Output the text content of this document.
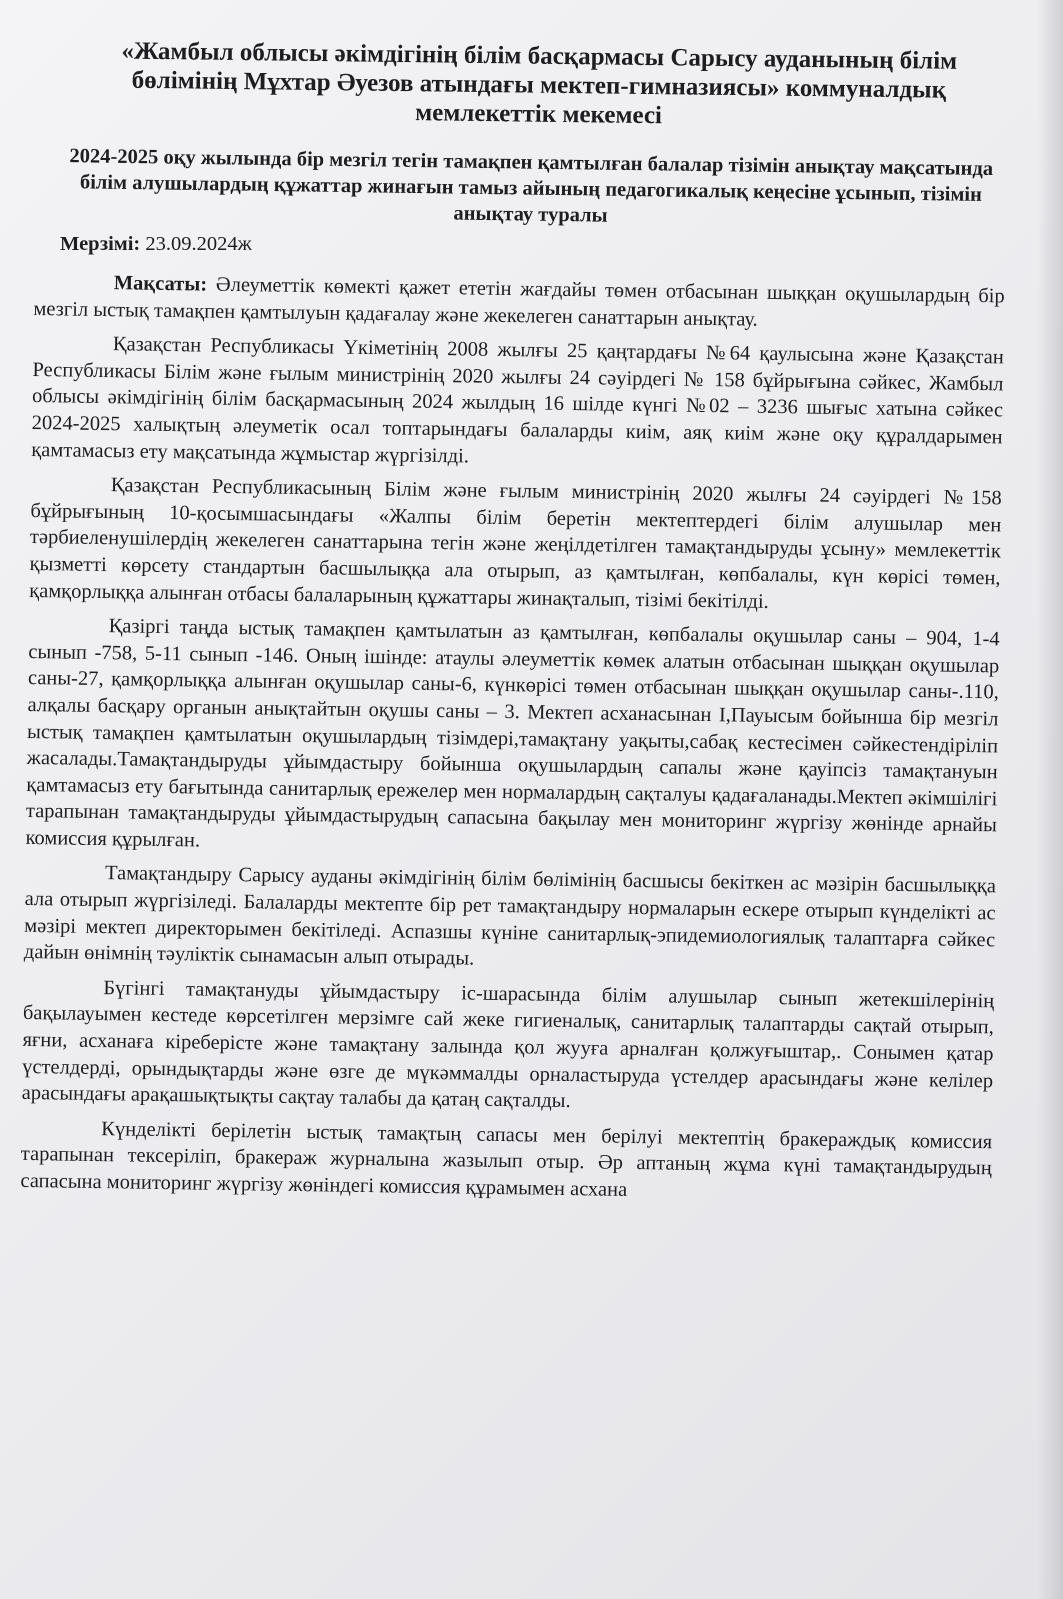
«Жамбыл облысы әкімдігінің білім басқармасы Сарысу ауданының білім бөлімінің Мұхтар Әуезов атындағы мектеп-гимназиясы» коммуналдық мемлекеттік мекемесі
2024-2025 оқу жылында бір мезгіл тегін тамақпен қамтылған балалар тізімін анықтау мақсатында білім алушылардың құжаттар жинағын тамыз айының педагогикалық кеңесіне ұсынып, тізімін анықтау туралы
Мерзімі: 23.09.2024ж

Мақсаты: Әлеуметтік көмекті қажет ететін жағдайы төмен отбасынан шыққан оқушылардың бір мезгіл ыстық тамақпен қамтылуын қадағалау және жекелеген санаттарын анықтау.

Қазақстан Республикасы Үкіметінің 2008 жылғы 25 қаңтардағы №64 қаулысына және Қазақстан Республикасы Білім және ғылым министрінің 2020 жылғы 24 сәуірдегі № 158 бұйрығына сәйкес, Жамбыл облысы әкімдігінің білім басқармасының 2024 жылдың 16 шілде күнгі №02 – 3236 шығыс хатына сәйкес 2024-2025 халықтың әлеуметік осал топтарындағы балаларды киім, аяқ киім және оқу құралдарымен қамтамасыз ету мақсатында жұмыстар жүргізілді.

Қазақстан Республикасының Білім және ғылым министрінің 2020 жылғы 24 сәуірдегі №158 бұйрығының 10-қосымшасындағы «Жалпы білім беретін мектептердегі білім алушылар мен тәрбиеленушілердің жекелеген санаттарына тегін және жеңілдетілген тамақтандыруды ұсыну» мемлекеттік қызметті көрсету стандартын басшылыққа ала отырып, аз қамтылған, көпбалалы, күн көрісі төмен, қамқорлыққа алынған отбасы балаларының құжаттары жинақталып, тізімі бекітілді.

Қазіргі таңда ыстық тамақпен қамтылатын аз қамтылған, көпбалалы оқушылар саны – 904, 1-4 сынып -758, 5-11 сынып -146. Оның ішінде: атаулы әлеуметтік көмек алатын отбасынан шыққан оқушылар саны-27, қамқорлыққа алынған оқушылар саны-6, күнкөрісі төмен отбасынан шыққан оқушылар саны-.110, алқалы басқару органын анықтайтын оқушы саны – 3. Мектеп асханасынан І,Пауысым бойынша бір мезгіл ыстық тамақпен қамтылатын оқушылардың тізімдері,тамақтану уақыты,сабақ кестесімен сәйкестендіріліп жасалады.Тамақтандыруды ұйымдастыру бойынша оқушылардың сапалы және қауіпсіз тамақтануын қамтамасыз ету бағытында санитарлық ережелер мен нормалардың сақталуы қадағаланады.Мектеп әкімшілігі тарапынан тамақтандыруды ұйымдастырудың сапасына бақылау мен мониторинг жүргізу жөнінде арнайы комиссия құрылған.

Тамақтандыру Сарысу ауданы әкімдігінің білім бөлімінің басшысы бекіткен ас мәзірін басшылыққа ала отырып жүргізіледі. Балаларды мектепте бір рет тамақтандыру нормаларын ескере отырып күнделікті ас мәзірі мектеп директорымен бекітіледі. Аспазшы күніне санитарлық-эпидемиологиялық талаптарға сәйкес дайын өнімнің тәуліктік сынамасын алып отырады.

Бүгінгі тамақтануды ұйымдастыру іс-шарасында білім алушылар сынып жетекшілерінің бақылауымен кестеде көрсетілген мерзімге сай жеке гигиеналық, санитарлық талаптарды сақтай отырып, яғни, асханаға кіреберісте және тамақтану залында қол жууға арналған қолжуғыштар,. Сонымен қатар үстелдерді, орындықтарды және өзге де мүкәммалды орналастыруда үстелдер арасындағы және келілер арасындағы арақашықтықты сақтау талабы да қатаң сақталды.

Күнделікті берілетін ыстық тамақтың сапасы мен берілуі мектептің бракераждық комиссия тарапынан тексеріліп, бракераж журналына жазылып отыр. Әр аптаның жұма күні тамақтандырудың сапасына мониторинг жүргізу жөніндегі комиссия құрамымен асхана
